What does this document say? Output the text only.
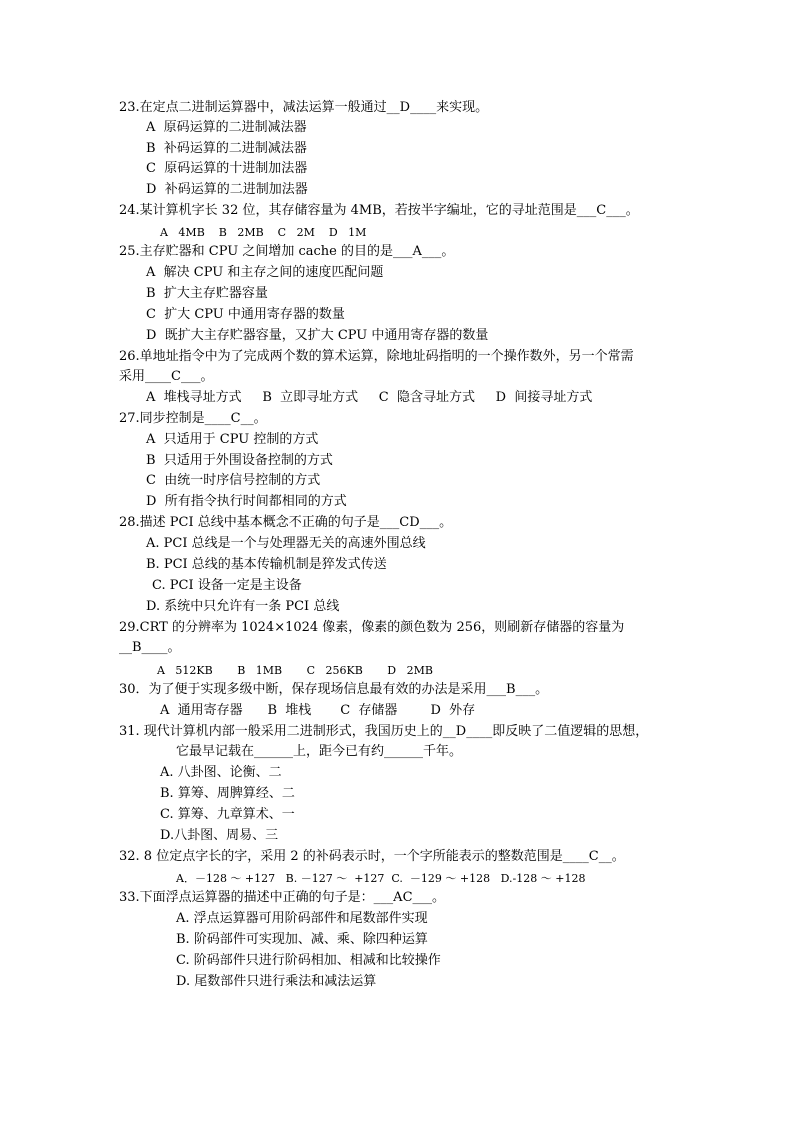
23.在定点二进制运算器中，减法运算一般通过__D____来实现。
A  原码运算的二进制减法器
B  补码运算的二进制减法器
C  原码运算的十进制加法器
D  补码运算的二进制加法器
24.某计算机字长 32 位，其存储容量为 4MB，若按半字编址，它的寻址范围是___C___。
A   4MB    B   2MB    C   2M    D   1M
25.主存贮器和 CPU 之间增加 cache 的目的是___A___。
A  解决 CPU 和主存之间的速度匹配问题
B  扩大主存贮器容量
C  扩大 CPU 中通用寄存器的数量
D  既扩大主存贮器容量，又扩大 CPU 中通用寄存器的数量
26.单地址指令中为了完成两个数的算术运算，除地址码指明的一个操作数外，另一个常需
采用____C___。
A  堆栈寻址方式     B  立即寻址方式     C  隐含寻址方式     D  间接寻址方式
27.同步控制是____C__。
A  只适用于 CPU 控制的方式
B  只适用于外围设备控制的方式
C  由统一时序信号控制的方式
D  所有指令执行时间都相同的方式
28.描述 PCI 总线中基本概念不正确的句子是___CD___。
A. PCI 总线是一个与处理器无关的高速外围总线
B. PCI 总线的基本传输机制是猝发式传送
C. PCI 设备一定是主设备
D. 系统中只允许有一条 PCI 总线
29.CRT 的分辨率为 1024×1024 像素，像素的颜色数为 256，则刷新存储器的容量为
__B____。
A   512KB       B   1MB       C   256KB       D   2MB
30．为了便于实现多级中断，保存现场信息最有效的办法是采用___B___。
A  通用寄存器      B  堆栈       C  存储器        D  外存
31. 现代计算机内部一般采用二进制形式，我国历史上的__D____即反映了二值逻辑的思想，
它最早记载在______上，距今已有约______千年。
A. 八卦图、论衡、二
B. 算筹、周脾算经、二
C. 算筹、九章算术、一
D.八卦图、周易、三
32. 8 位定点字长的字，采用 2 的补码表示时，一个字所能表示的整数范围是____C__。
A．－128 ～ +127   B. －127 ～  +127  C.  －129 ～ +128   D.-128 ～ +128
33.下面浮点运算器的描述中正确的句子是：___AC___。
A. 浮点运算器可用阶码部件和尾数部件实现
B. 阶码部件可实现加、减、乘、除四种运算
C. 阶码部件只进行阶码相加、相减和比较操作
D. 尾数部件只进行乘法和减法运算
